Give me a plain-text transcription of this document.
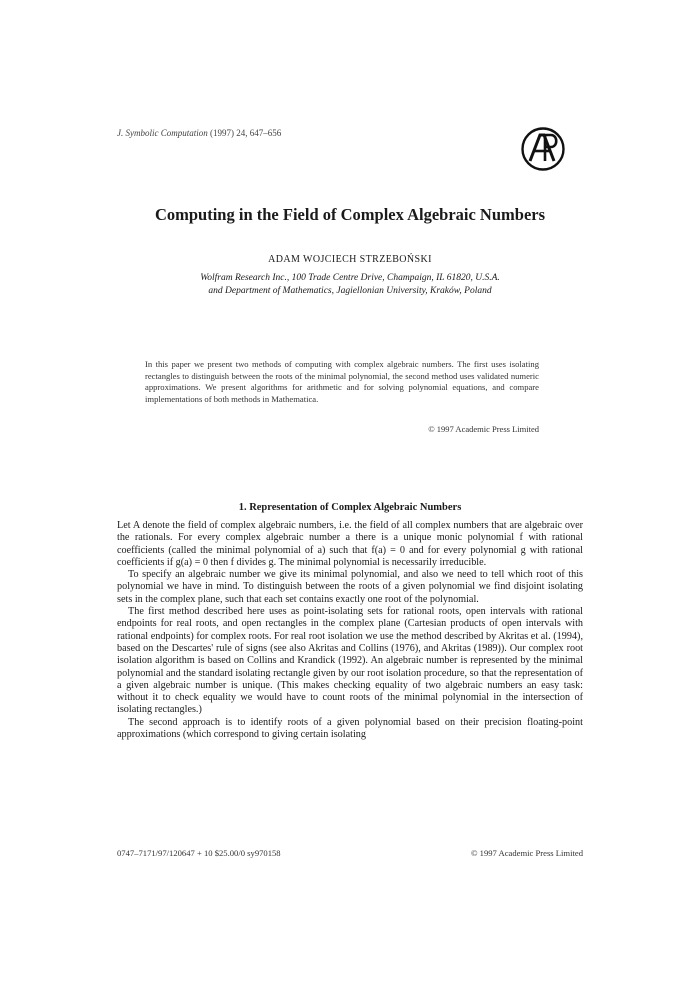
J. Symbolic Computation (1997) 24, 647–656
Computing in the Field of Complex Algebraic Numbers
ADAM WOJCIECH STRZEBOŃSKI
Wolfram Research Inc., 100 Trade Centre Drive, Champaign, IL 61820, U.S.A.
and Department of Mathematics, Jagiellonian University, Kraków, Poland
In this paper we present two methods of computing with complex algebraic numbers. The first uses isolating rectangles to distinguish between the roots of the minimal polynomial, the second method uses validated numeric approximations. We present algorithms for arithmetic and for solving polynomial equations, and compare implementations of both methods in Mathematica.
© 1997 Academic Press Limited
1. Representation of Complex Algebraic Numbers

Let A denote the field of complex algebraic numbers, i.e. the field of all complex numbers that are algebraic over the rationals. For every complex algebraic number a there is a unique monic polynomial f with rational coefficients (called the minimal polynomial of a) such that f(a) = 0 and for every polynomial g with rational coefficients if g(a) = 0 then f divides g. The minimal polynomial is necessarily irreducible.

To specify an algebraic number we give its minimal polynomial, and also we need to tell which root of this polynomial we have in mind. To distinguish between the roots of a given polynomial we find disjoint isolating sets in the complex plane, such that each set contains exactly one root of the polynomial.

The first method described here uses as point-isolating sets for rational roots, open intervals with rational endpoints for real roots, and open rectangles in the complex plane (Cartesian products of open intervals with rational endpoints) for complex roots. For real root isolation we use the method described by Akritas et al. (1994), based on the Descartes' rule of signs (see also Akritas and Collins (1976), and Akritas (1989)). Our complex root isolation algorithm is based on Collins and Krandick (1992). An algebraic number is represented by the minimal polynomial and the standard isolating rectangle given by our root isolation procedure, so that the representation of a given algebraic number is unique. (This makes checking equality of two algebraic numbers an easy task: without it to check equality we would have to count roots of the minimal polynomial in the intersection of isolating rectangles.)

The second approach is to identify roots of a given polynomial based on their precision floating-point approximations (which correspond to giving certain isolating

0747–7171/97/120647 + 10 $25.00/0 sy970158	© 1997 Academic Press Limited
